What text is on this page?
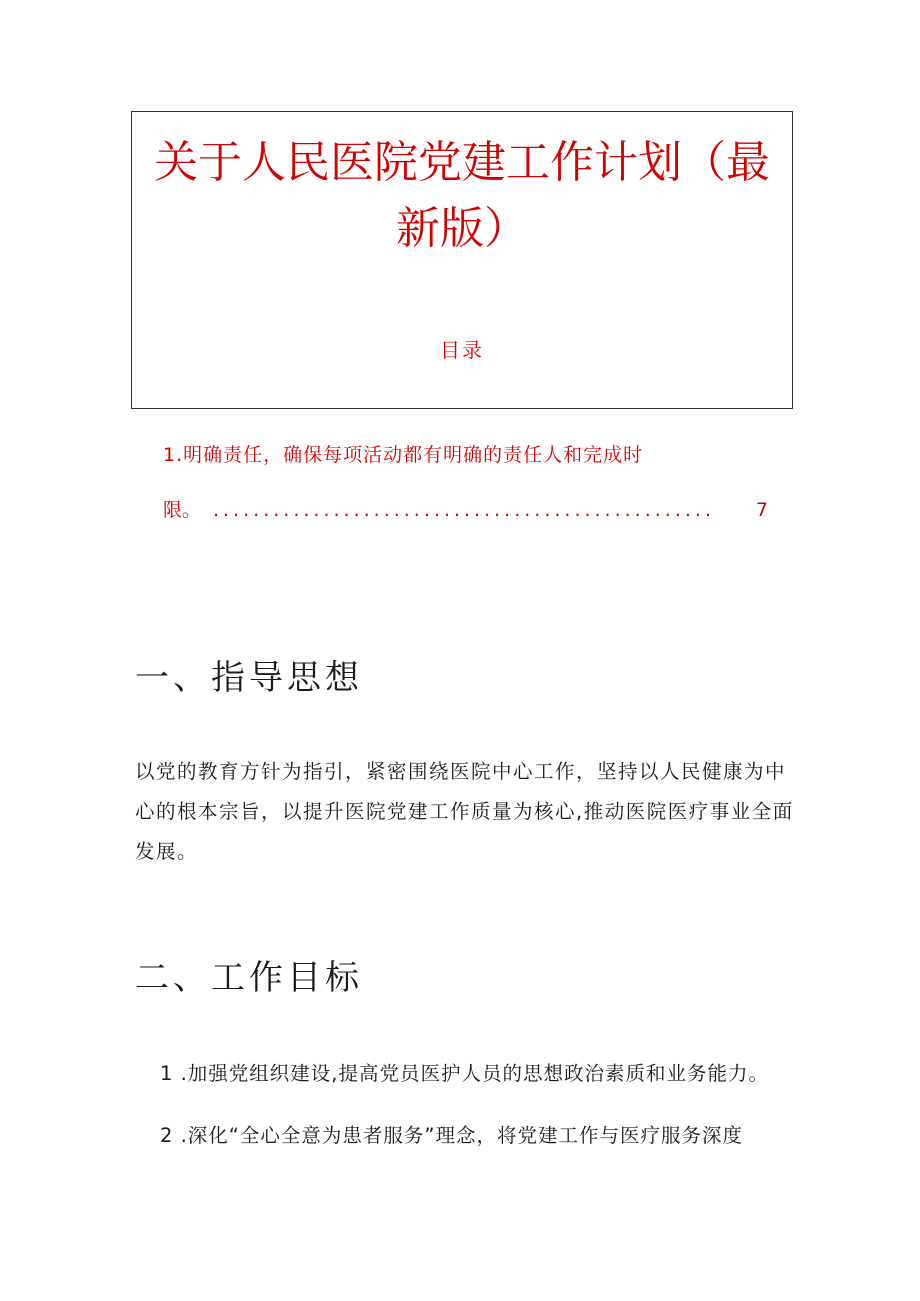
关于人民医院党建工作计划（最新版）
目录
1.明确责任，确保每项活动都有明确的责任人和完成时
限。 ..................................................	7
一、指导思想

以党的教育方针为指引，紧密围绕医院中心工作，坚持以人民健康为中心的根本宗旨，以提升医院党建工作质量为核心,推动医院医疗事业全面发展。

二、工作目标

1 .加强党组织建设,提高党员医护人员的思想政治素质和业务能力。

2 .深化“全心全意为患者服务”理念，将党建工作与医疗服务深度
